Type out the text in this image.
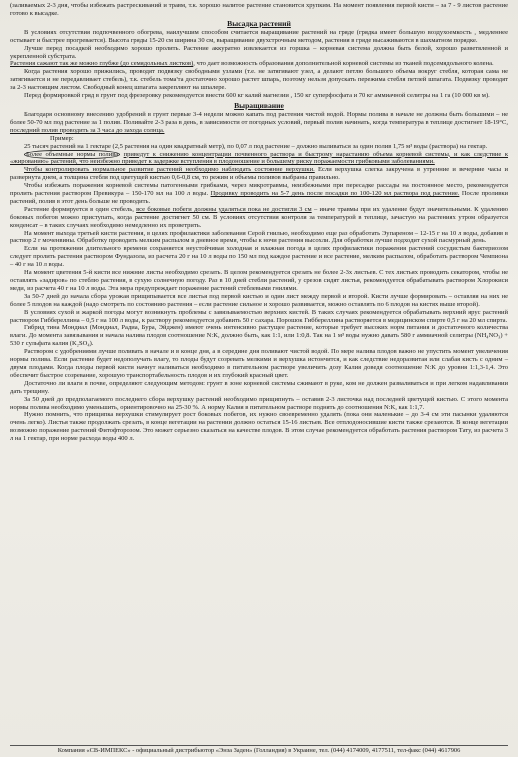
(заливаемых 2-3 дня, чтобы избежать растрескиваний и травм, т.к. хорошо налитое растение становится хрупким. На момент появления первой кисти – за 7 - 9 листов растение готово к высадке.

Высадка растений

В условиях отсутствия подпочвенного обогрева, наилучшим способом считается выращивание растений на гряде (грядка имеет большую воздухоемкость , медленнее остывает и быстрее прогревается). Высота гряды 15-20 см ширина 30 см, выращивание двухстрочным методом, растения в гряде высаживаются в шахматном порядке.

Лучше перед посадкой необходимо хорошо пролить. Растение аккуратно извлекается из горшка – корневая система должна быть белой, хорошо разветвленной и укрепленной субстрата.

Растения сажают так же можно глубже (до семядольных листков), что дает возможность образования дополнительной корневой системы из тканей подсемядольного колена.

Когда растения хорошо прижились, проводят подвязку свободными узлами (т.е. не затягивают узел, а делают петлю большого объема вокруг стебля, которая сама не затягивается и не передавливает стебель), т.к. стебель тома'та достаточно хорошо растет шпарь, поэтому нельзя допускать пережима стебля петлей шпагата. Подвязку проводят за 2-3 настоящим листом. Свободный конец шпагата закрепляют на шпалере.

Перед формировкой гряд в грунт под фрезеровку рекомендуется внести 600 кг калий магнезии , 150 кг суперфосфата и 70 кг аммиачной селитры на 1 га (10 000 кв м).

Выращивание

Благодаря основному внесению удобрений в грунт первые 3-4 недели можно капать под растения чистой водой. Нормы полива в начале не должны быть большими – не более 50-70 мл под растение за 1 полив. Поливайте 2-3 раза в день, в зависимости от погодных условий, первый полив начинать, когда температура в теплице достигнет 18-19°С, последний полив проводить за 3 часа до захода солнца.

Пример:

25 тысяч растений на 1 гектаре (2,5 растения на один квадратный метр), по 0,07 л под растение – должно выливаться за один полив 1,75 м³ воды (раствора) на гектар.

Более объемные нормы полива приведут к снижению концентрации почвенного раствора и быстрому нарастанию объема корневой системы, и как следствие к «жированию» растений, что неизбежно приведет к задержке вступления в плодоношение и большему риску поражаемости грибковыми заболеваниями.

Чтобы контролировать нормальное развитие растений необходимо наблюдать состояние верхушки. Если верхушка слегка закручена в утренние и вечерние часы и развернута днем, а толщина стебля под цветущей кистью 0,6-0,8 см, то режим и объемы поливов выбраны правильно.

Чтобы избежать поражения корневой системы патогенными грибками, через микротравмы, неизбежными при пересадке рассады на постоянное место, рекомендуется пролить растения раствором Превикура – 150-170 мл на 100 л воды. Продивку проводить на 5-7 день после посадки по 100-120 мл раствора под растение. После проливки растений, полив в этот день больше не проводить.

Растение формируется в один стебель, все боковые побеги должны удаляться пока не достигли 3 см – иначе травмы при их удаление будут значительными. К удалению боковых побегов можно приступать, когда растение достигнет 50 см. В условиях отсутствия контроля за температурой в теплице, зачастую на растениях утром образуется конденсат – в таких случаях необходимо немедленно их проветрить.

На момент выхода третьей кисти растения, в целях профилактики заболевания Серой гнилью, необходимо еще раз обработать Эупареном – 12-15 г на 10 л воды, добавив в раствор 2 г моченвины. Обработку проводить мелким распылом в дневное время, чтобы к ночи растения высохли. Для обработки лучше подходит сухой пасмурный день.

Если на протяжении длительного времени сохраняется неустойчивая холодная и влажная погода в целях профилактики поражения растений сосудистым бактериозом следует пролить растения раствором Фундазола, из расчета 20 г на 10 л воды по 150 мл под каждое растение и все растение, мелким распылом, обработать раствором Чемпиона – 40 г на 10 л воды.

На момент цветения 5-й кисти все нижние листы необходимо срезать. В целом рекомендуется срезать не более 2-3х листьев. С тех листьях проводить секатором, чтобы не оставлять «задиров» по стеблю растения, в сухую солнечную погоду. Раз в 10 дней стебли растений, у срезов сидят листья, рекомендуется обрабатывать раствором Хлорокиси меди, из расчета 40 г на 10 л воды. Эта мера предупреждает поражение растений стеблевыми гнилями.

За 50-7 дней до начала сбора урожая прищипывается все листья под первой кистью и один лист между первой и второй. Кисти лучше формировать – оставляя на них не более 5 плодов на каждой (надо смотреть по состоянию растения – если растение сильное и хорошо развивается, можно оставлять по 6 плодов на кистях выше второй).

В условиях сухой и жаркой погоды могут возникнуть проблемы с завязываемостью верхних кистей. В таких случаях рекомендуется обрабатывать верхний ярус растений раствором Гиббереллина – 0,5 г на 100 л воды, к раствору рекомендуется добавить 50 г сахара. Порошок Гиббереллина растворяется в медицинском спирте 0,5 г на 20 мл спирта.

Гибрид тина Мондиал (Мондиал, Радиа, Бура, Эйджен) имеют очень интенсивно растущее растение, которые требует высоких норм питания и достаточного количества влаги. До момента завязывания и начала налива плодов соотношение N:K, должно быть, как 1:1, или 1:0,8. Так на 1 м³ воды нужно давать 580 г аммиачной селитры (NH₄NO₃) + 530 г сульфата калия (K₂SO₄).

Раствором с удобрениями лучше поливать в начале и в конце дня, а в середине дня поливают чистой водой. По мере налива плодов важно не упустить момент увеличения нормы полива. Если растение будет недополучать влагу, то плоды будут созревать мелкими и верхушка истончится, и как следствие недоразвитая или слабая кисть с одним – двумя плодами. Когда плоды первой кисти начнут наливаться необходимо в питательном растворе увеличить дозу Калия доведя соотношение N:K до уровня 1:1,3-1,4. Это обеспечит быстрое созревание, хорошую транспортабельность плодов и их глубокий красный цвет.

Достаточно ли влаги в почве, определяют следующим методом: грунт в зоне корневой системы сжимают в руке, ком не должен разваливаться и при легком надавливании дать трещину.

За 50 дней до предполагаемого последнего сбора верхушку растений необходимо прищипнуть – оставив 2-3 листочка над последней цветущей кистью. С этого момента нормы полива необходимо уменьшить, ориентировочно на 25-30 %. А норму Калия в питательном растворе поднять до соотношения N:K, как 1:1,7.

Нужно помнить, что прищипка верхушки стимулирует рост боковых побегов, их нужно своевременно удалять (пока они маленькие – до 3-4 см эти пасынки удаляются очень легко). Листья также продолжать срезать, в конце вегетации на растении должно остаться 15-16 листьев. Все отплодоносившие кисти также срезаются. В конце вегетации возможно поражение растений Фитофторозом. Это может серьезно сказаться на качестве плодов. В этом случае рекомендуется обработать растения раствором Тату, из расчета 3 л на 1 гектар, при норме расхода воды 400 л.

Компания «СВ-ИМПЕКС» - официальный дистрибьютор «Энза Заден» (Голландия) в Украине, тел. (044) 4174009, 4177511, тел-факс (044) 4617906
